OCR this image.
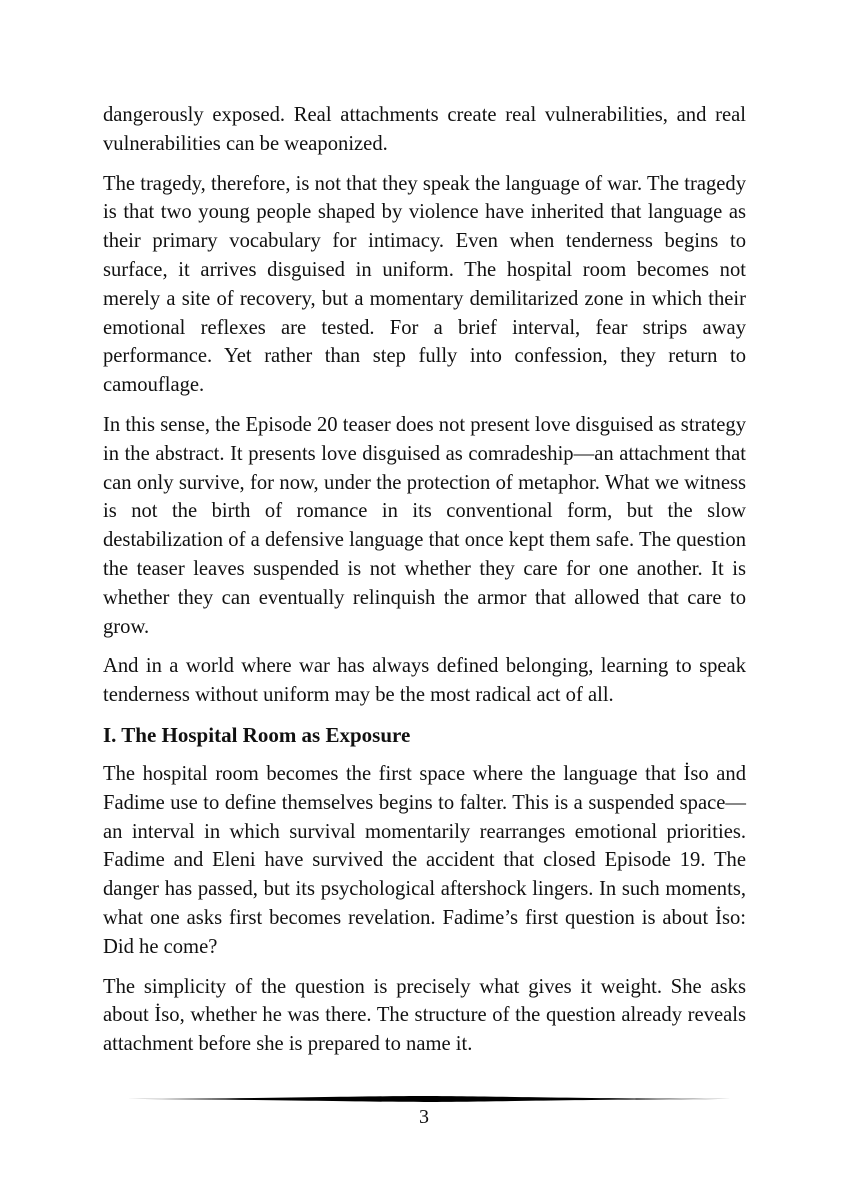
dangerously exposed. Real attachments create real vulnerabilities, and real vulnerabilities can be weaponized.

The tragedy, therefore, is not that they speak the language of war. The tragedy is that two young people shaped by violence have inherited that language as their primary vocabulary for intimacy. Even when tenderness begins to surface, it arrives disguised in uniform. The hospital room becomes not merely a site of recovery, but a momentary demilitarized zone in which their emotional reflexes are tested. For a brief interval, fear strips away performance. Yet rather than step fully into confession, they return to camouflage.

In this sense, the Episode 20 teaser does not present love disguised as strategy in the abstract. It presents love disguised as comradeship—an attachment that can only survive, for now, under the protection of metaphor. What we witness is not the birth of romance in its conventional form, but the slow destabilization of a defensive language that once kept them safe. The question the teaser leaves suspended is not whether they care for one another. It is whether they can eventually relinquish the armor that allowed that care to grow.

And in a world where war has always defined belonging, learning to speak tenderness without uniform may be the most radical act of all.

I. The Hospital Room as Exposure

The hospital room becomes the first space where the language that İso and Fadime use to define themselves begins to falter. This is a suspended space—an interval in which survival momentarily rearranges emotional priorities. Fadime and Eleni have survived the accident that closed Episode 19. The danger has passed, but its psychological aftershock lingers. In such moments, what one asks first becomes revelation. Fadime’s first question is about İso: Did he come?

The simplicity of the question is precisely what gives it weight. She asks about İso, whether he was there. The structure of the question already reveals attachment before she is prepared to name it.

3
